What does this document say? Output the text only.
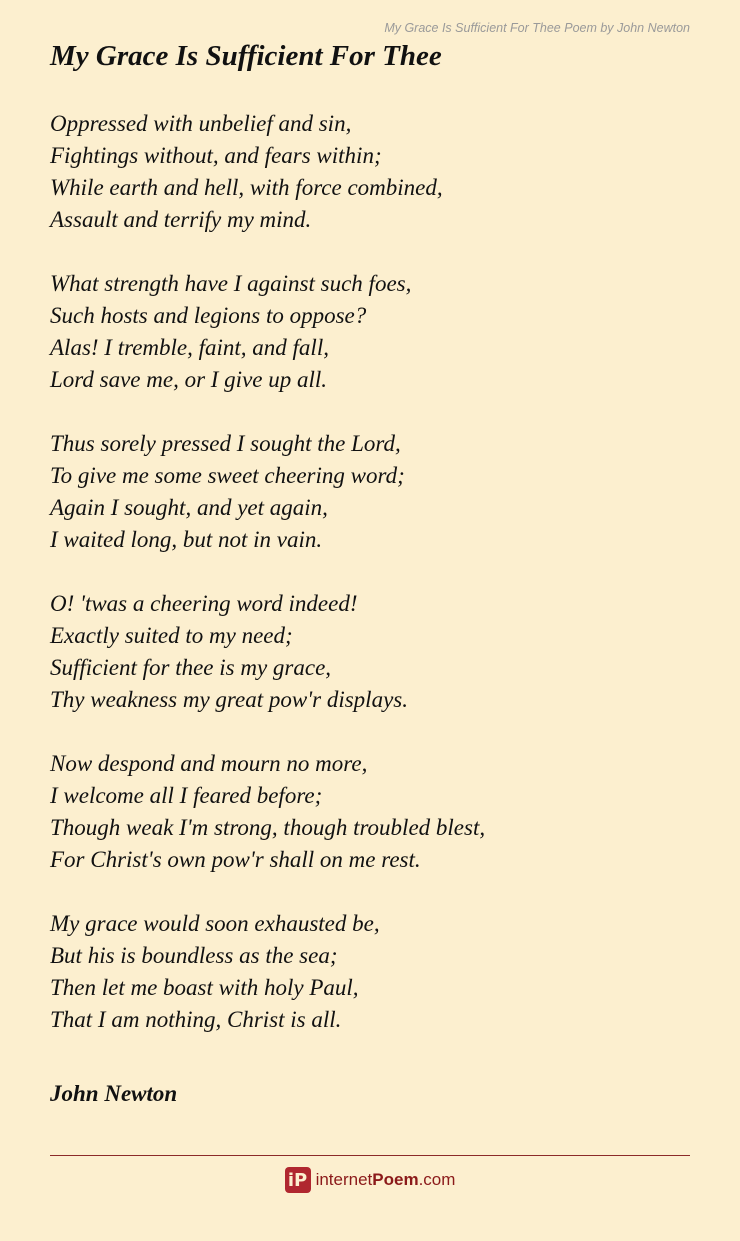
My Grace Is Sufficient For Thee Poem by John Newton
My Grace Is Sufficient For Thee
Oppressed with unbelief and sin,
Fightings without, and fears within;
While earth and hell, with force combined,
Assault and terrify my mind.
What strength have I against such foes,
Such hosts and legions to oppose?
Alas! I tremble, faint, and fall,
Lord save me, or I give up all.
Thus sorely pressed I sought the Lord,
To give me some sweet cheering word;
Again I sought, and yet again,
I waited long, but not in vain.
O! 'twas a cheering word indeed!
Exactly suited to my need;
Sufficient for thee is my grace,
Thy weakness my great pow'r displays.
Now despond and mourn no more,
I welcome all I feared before;
Though weak I'm strong, though troubled blest,
For Christ's own pow'r shall on me rest.
My grace would soon exhausted be,
But his is boundless as the sea;
Then let me boast with holy Paul,
That I am nothing, Christ is all.
John Newton
iP internet Poem .com
